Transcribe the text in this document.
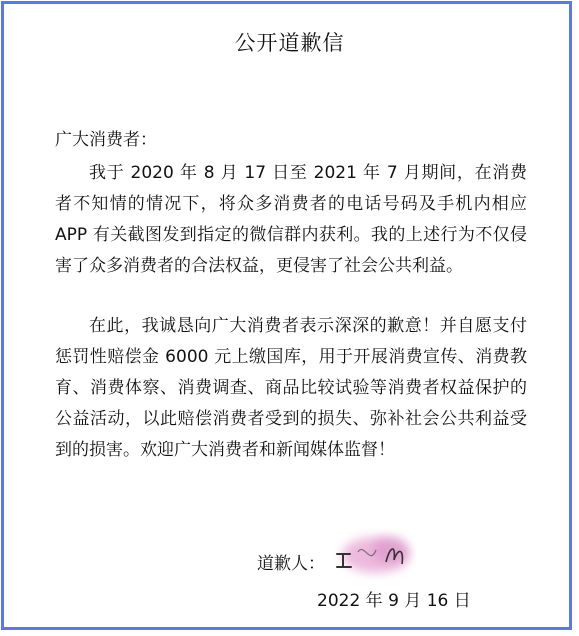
公开道歉信
广大消费者：

我于 2020 年 8 月 17 日至 2021 年 7 月期间，在消费者不知情的情况下，将众多消费者的电话号码及手机内相应 APP 有关截图发到指定的微信群内获利。我的上述行为不仅侵害了众多消费者的合法权益，更侵害了社会公共利益。

在此，我诚恳向广大消费者表示深深的歉意！并自愿支付惩罚性赔偿金 6000 元上缴国库，用于开展消费宣传、消费教育、消费体察、消费调查、商品比较试验等消费者权益保护的公益活动，以此赔偿消费者受到的损失、弥补社会公共利益受到的损害。欢迎广大消费者和新闻媒体监督！

道歉人：
2022 年 9 月 16 日
